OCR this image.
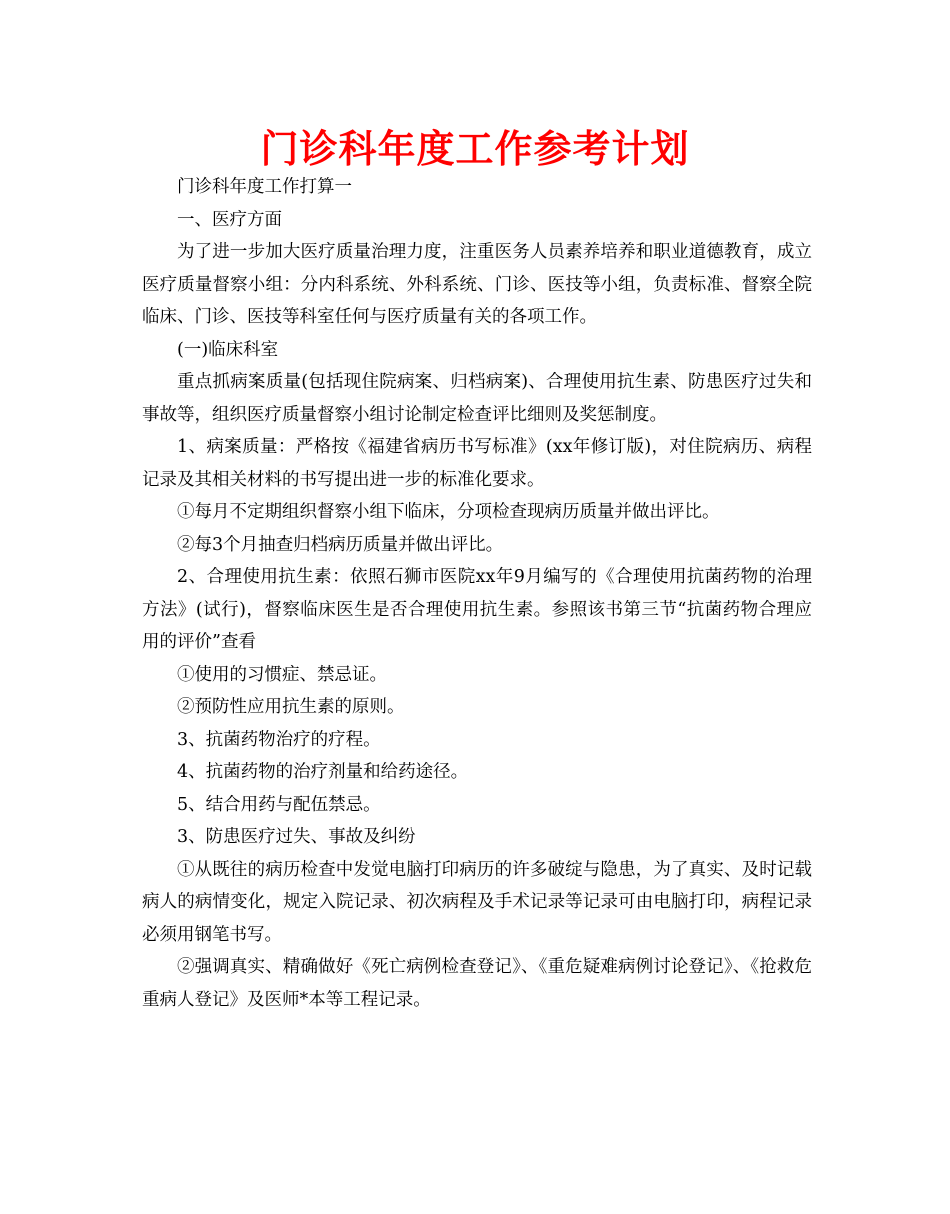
门诊科年度工作参考计划

门诊科年度工作打算一

一、医疗方面

为了进一步加大医疗质量治理力度，注重医务人员素养培养和职业道德教育，成立医疗质量督察小组：分内科系统、外科系统、门诊、医技等小组，负责标准、督察全院临床、门诊、医技等科室任何与医疗质量有关的各项工作。

(一)临床科室

重点抓病案质量(包括现住院病案、归档病案)、合理使用抗生素、防患医疗过失和事故等，组织医疗质量督察小组讨论制定检查评比细则及奖惩制度。

1、病案质量：严格按《福建省病历书写标准》(xx年修订版)，对住院病历、病程记录及其相关材料的书写提出进一步的标准化要求。

①每月不定期组织督察小组下临床，分项检查现病历质量并做出评比。

②每3个月抽查归档病历质量并做出评比。

2、合理使用抗生素：依照石狮市医院xx年9月编写的《合理使用抗菌药物的治理方法》(试行)，督察临床医生是否合理使用抗生素。参照该书第三节“抗菌药物合理应用的评价”查看

①使用的习惯症、禁忌证。

②预防性应用抗生素的原则。

3、抗菌药物治疗的疗程。

4、抗菌药物的治疗剂量和给药途径。

5、结合用药与配伍禁忌。

3、防患医疗过失、事故及纠纷

①从既往的病历检查中发觉电脑打印病历的许多破绽与隐患，为了真实、及时记载病人的病情变化，规定入院记录、初次病程及手术记录等记录可由电脑打印，病程记录必须用钢笔书写。

②强调真实、精确做好《死亡病例检查登记》、《重危疑难病例讨论登记》、《抢救危重病人登记》及医师*本等工程记录。
